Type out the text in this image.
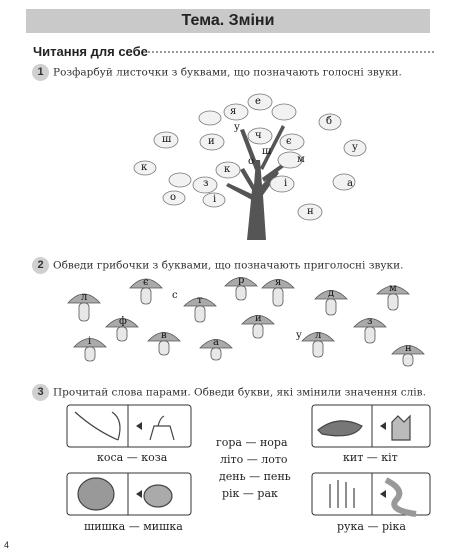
Тема. Зміни
Читання для себе
1 Розфарбуй листочки з буквами, що позначають голосні звуки.
е
я
ш	ч
и
у
б
к
є
у
ш
м
з
о
і
о
і	а
н
к
2 Обведи грибочки з буквами, що позначають приголосні звуки.
л
є
т
р	я
д	м
ф
в
и
л
з
і	а
н
с
у
3 Прочитай слова парами. Обведи букви, які змінили значення слів.
коса — коза
шишка — мишка
гора — нора
літо — лото
день — пень
рік — рак
кит — кіт
рука — ріка
4
